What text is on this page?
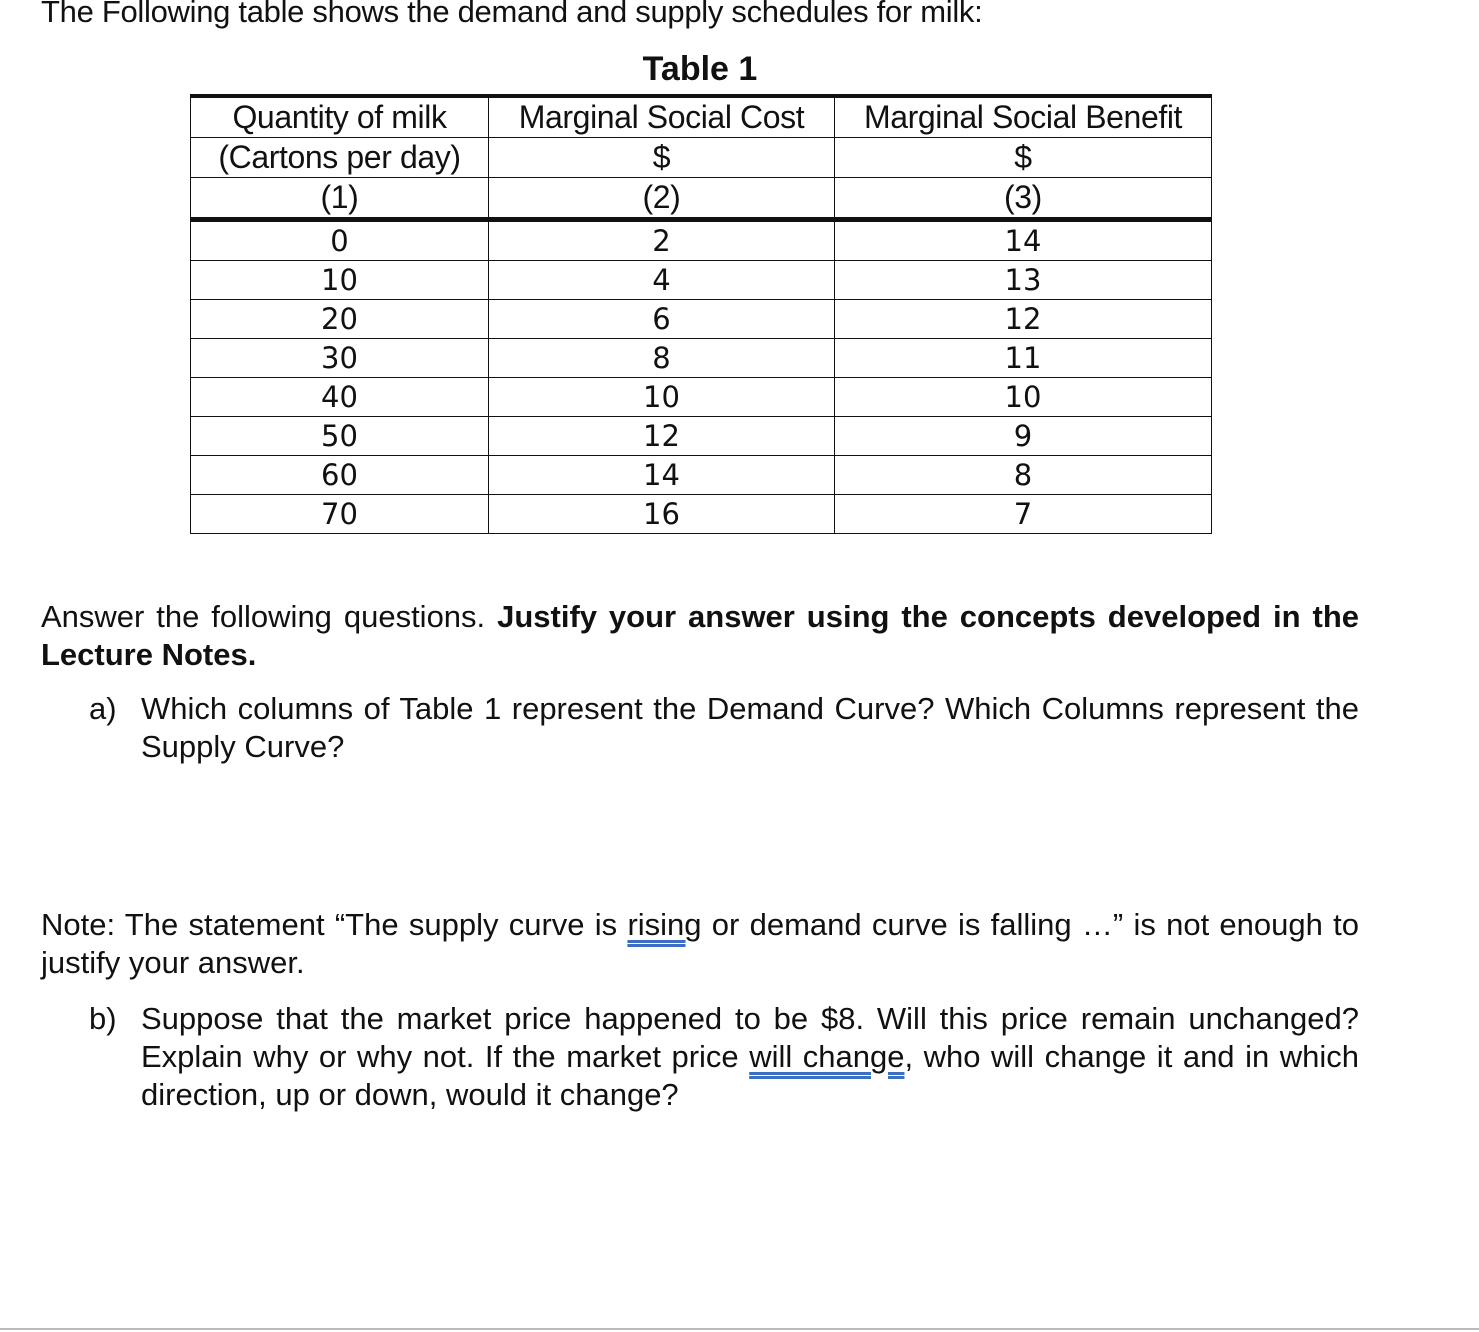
The Following table shows the demand and supply schedules for milk:
Table 1
Quantity of milk	Marginal Social Cost	Marginal Social Benefit
(Cartons per day)	$	$
(1)	(2)	(3)
0	2	14
10	4	13
20	6	12
30	8	11
40	10	10
50	12	9
60	14	8
70	16	7

Answer the following questions. Justify your answer using the concepts developed in the Lecture Notes.

a) Which columns of Table 1 represent the Demand Curve? Which Columns represent the Supply Curve?

Note: The statement “The supply curve is rising or demand curve is falling …” is not enough to justify your answer.

b) Suppose that the market price happened to be $8. Will this price remain unchanged? Explain why or why not. If the market price will change, who will change it and in which direction, up or down, would it change?
